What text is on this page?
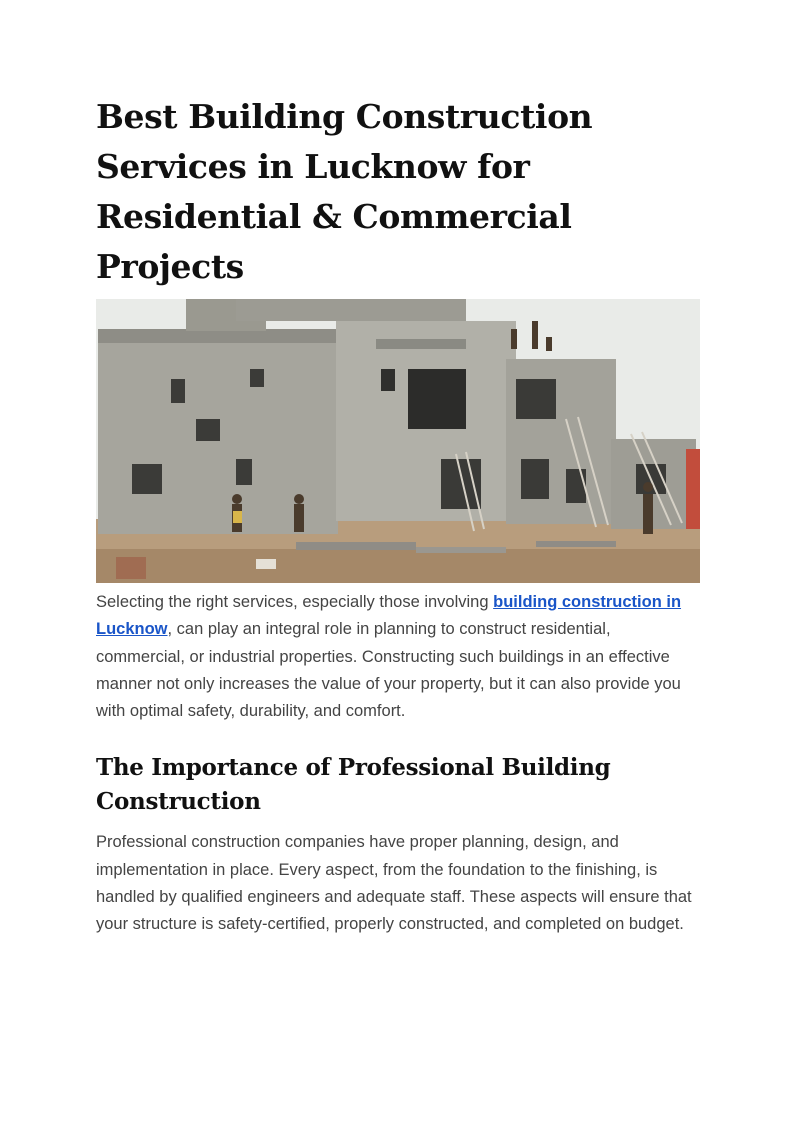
Best Building Construction Services in Lucknow for Residential & Commercial Projects

Selecting the right services, especially those involving building construction in Lucknow, can play an integral role in planning to construct residential, commercial, or industrial properties. Constructing such buildings in an effective manner not only increases the value of your property, but it can also provide you with optimal safety, durability, and comfort.

The Importance of Professional Building Construction

Professional construction companies have proper planning, design, and implementation in place. Every aspect, from the foundation to the finishing, is handled by qualified engineers and adequate staff. These aspects will ensure that your structure is safety-certified, properly constructed, and completed on budget.
